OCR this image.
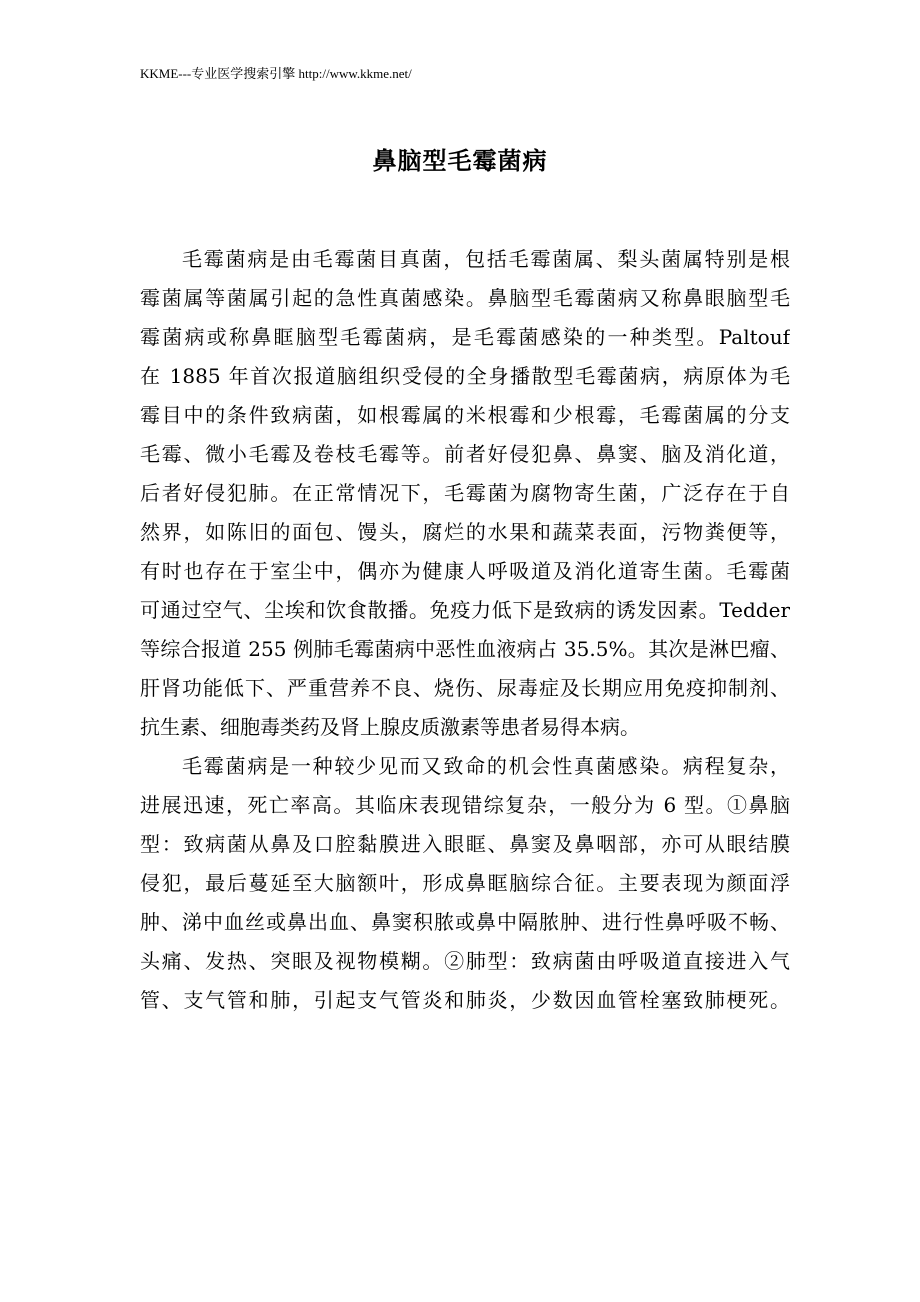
KKME---专业医学搜索引擎 http://www.kkme.net/
鼻脑型毛霉菌病
毛霉菌病是由毛霉菌目真菌，包括毛霉菌属、梨头菌属特别是根
霉菌属等菌属引起的急性真菌感染。鼻脑型毛霉菌病又称鼻眼脑型毛
霉菌病或称鼻眶脑型毛霉菌病，是毛霉菌感染的一种类型。Paltouf
在 1885 年首次报道脑组织受侵的全身播散型毛霉菌病，病原体为毛
霉目中的条件致病菌，如根霉属的米根霉和少根霉，毛霉菌属的分支
毛霉、微小毛霉及卷枝毛霉等。前者好侵犯鼻、鼻窦、脑及消化道，
后者好侵犯肺。在正常情况下，毛霉菌为腐物寄生菌，广泛存在于自
然界，如陈旧的面包、馒头，腐烂的水果和蔬菜表面，污物粪便等，
有时也存在于室尘中，偶亦为健康人呼吸道及消化道寄生菌。毛霉菌
可通过空气、尘埃和饮食散播。免疫力低下是致病的诱发因素。Tedder
等综合报道 255 例肺毛霉菌病中恶性血液病占 35.5%。其次是淋巴瘤、
肝肾功能低下、严重营养不良、烧伤、尿毒症及长期应用免疫抑制剂、
抗生素、细胞毒类药及肾上腺皮质激素等患者易得本病。
毛霉菌病是一种较少见而又致命的机会性真菌感染。病程复杂，
进展迅速，死亡率高。其临床表现错综复杂，一般分为 6 型。①鼻脑
型：致病菌从鼻及口腔黏膜进入眼眶、鼻窦及鼻咽部，亦可从眼结膜
侵犯，最后蔓延至大脑额叶，形成鼻眶脑综合征。主要表现为颜面浮
肿、涕中血丝或鼻出血、鼻窦积脓或鼻中隔脓肿、进行性鼻呼吸不畅、
头痛、发热、突眼及视物模糊。②肺型：致病菌由呼吸道直接进入气
管、支气管和肺，引起支气管炎和肺炎，少数因血管栓塞致肺梗死。
